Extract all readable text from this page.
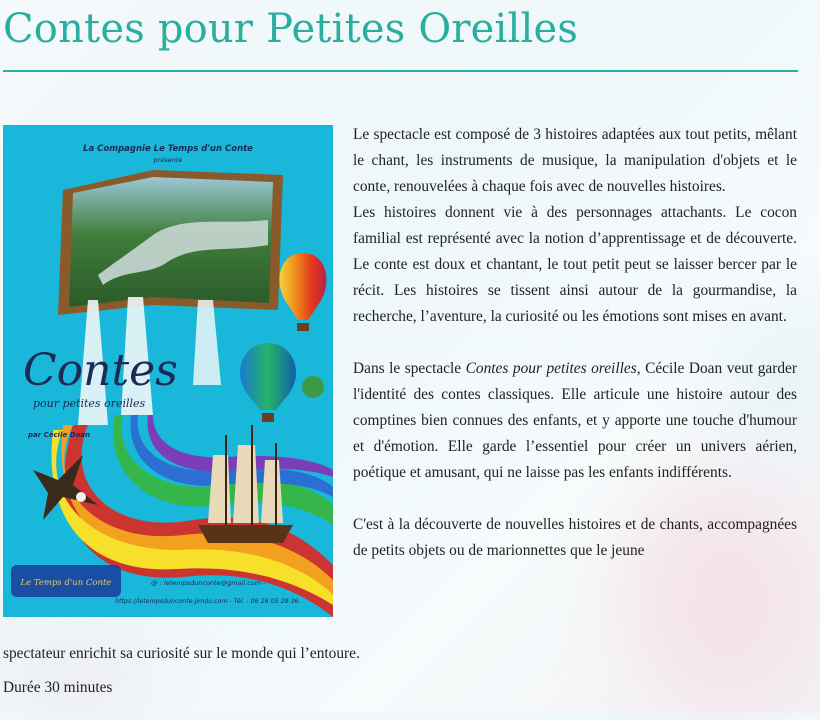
Contes pour Petites Oreilles
La Compagnie Le Temps d'un Conte
présente
Contes
pour petites oreilles
par Cécile Doan
Le Temps d'un Conte	@ : letempsdunconte@gmail.com -
https://letempsdunconte.jimdo.com - Tél. : 06 26 05 29 36.

Le spectacle est composé de 3 histoires adaptées aux tout petits, mêlant le chant, les instruments de musique, la manipulation d'objets et le conte, renouvelées à chaque fois avec de nouvelles histoires.

Les histoires donnent vie à des personnages attachants. Le cocon familial est représenté avec la notion d’apprentissage et de découverte. Le conte est doux et chantant, le tout petit peut se laisser bercer par le récit. Les histoires se tissent ainsi autour de la gourmandise, la recherche, l’aventure, la curiosité ou les émotions sont mises en avant.

Dans le spectacle Contes pour petites oreilles, Cécile Doan veut garder l'identité des contes classiques. Elle articule une histoire autour des comptines bien connues des enfants, et y apporte une touche d'humour et d'émotion. Elle garde l’essentiel pour créer un univers aérien, poétique et amusant, qui ne laisse pas les enfants indifférents.

C'est à la découverte de nouvelles histoires et de chants, accompagnées de petits objets ou de marionnettes que le jeune

spectateur enrichit sa curiosité sur le monde qui l’entoure.
Durée 30 minutes
